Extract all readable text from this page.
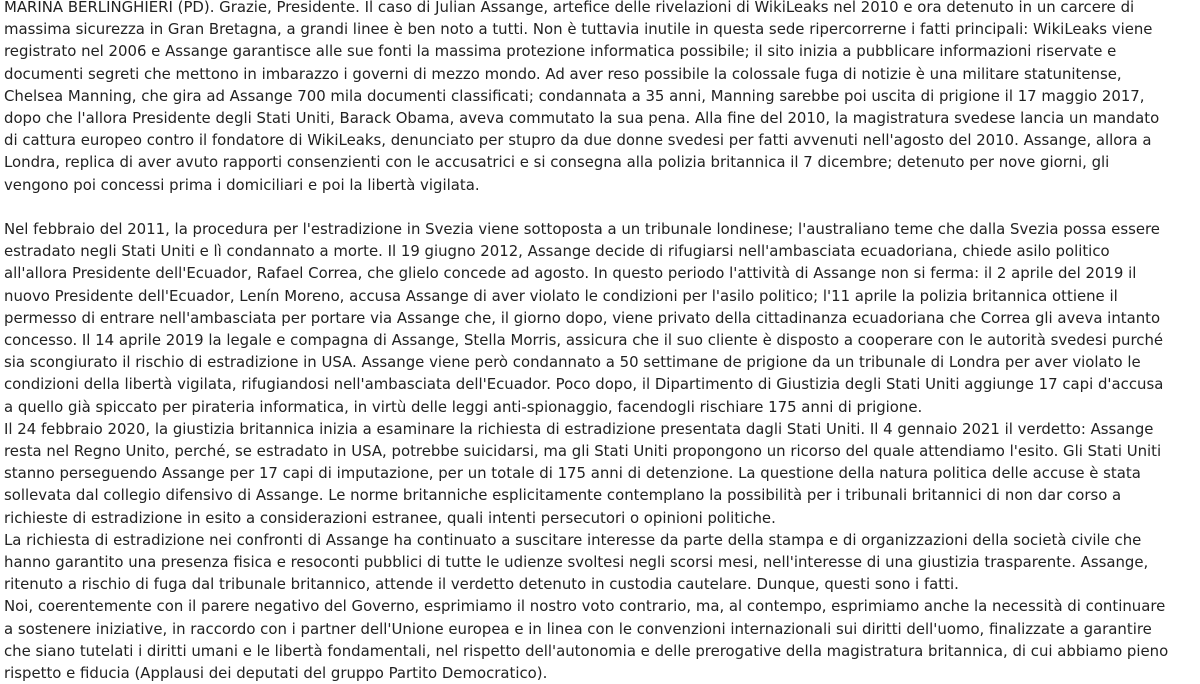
MARINA BERLINGHIERI (PD). Grazie, Presidente. Il caso di Julian Assange, artefice delle rivelazioni di WikiLeaks nel 2010 e ora detenuto in un carcere di massima sicurezza in Gran Bretagna, a grandi linee è ben noto a tutti. Non è tuttavia inutile in questa sede ripercorrerne i fatti principali: WikiLeaks viene registrato nel 2006 e Assange garantisce alle sue fonti la massima protezione informatica possibile; il sito inizia a pubblicare informazioni riservate e documenti segreti che mettono in imbarazzo i governi di mezzo mondo. Ad aver reso possibile la colossale fuga di notizie è una militare statunitense, Chelsea Manning, che gira ad Assange 700 mila documenti classificati; condannata a 35 anni, Manning sarebbe poi uscita di prigione il 17 maggio 2017, dopo che l'allora Presidente degli Stati Uniti, Barack Obama, aveva commutato la sua pena. Alla fine del 2010, la magistratura svedese lancia un mandato di cattura europeo contro il fondatore di WikiLeaks, denunciato per stupro da due donne svedesi per fatti avvenuti nell'agosto del 2010. Assange, allora a Londra, replica di aver avuto rapporti consenzienti con le accusatrici e si consegna alla polizia britannica il 7 dicembre; detenuto per nove giorni, gli vengono poi concessi prima i domiciliari e poi la libertà vigilata.

Nel febbraio del 2011, la procedura per l'estradizione in Svezia viene sottoposta a un tribunale londinese; l'australiano teme che dalla Svezia possa essere estradato negli Stati Uniti e lì condannato a morte. Il 19 giugno 2012, Assange decide di rifugiarsi nell'ambasciata ecuadoriana, chiede asilo politico all'allora Presidente dell'Ecuador, Rafael Correa, che glielo concede ad agosto. In questo periodo l'attività di Assange non si ferma: il 2 aprile del 2019 il nuovo Presidente dell'Ecuador, Lenín Moreno, accusa Assange di aver violato le condizioni per l'asilo politico; l'11 aprile la polizia britannica ottiene il permesso di entrare nell'ambasciata per portare via Assange che, il giorno dopo, viene privato della cittadinanza ecuadoriana che Correa gli aveva intanto concesso. Il 14 aprile 2019 la legale e compagna di Assange, Stella Morris, assicura che il suo cliente è disposto a cooperare con le autorità svedesi purché sia scongiurato il rischio di estradizione in USA. Assange viene però condannato a 50 settimane de prigione da un tribunale di Londra per aver violato le condizioni della libertà vigilata, rifugiandosi nell'ambasciata dell'Ecuador. Poco dopo, il Dipartimento di Giustizia degli Stati Uniti aggiunge 17 capi d'accusa a quello già spiccato per pirateria informatica, in virtù delle leggi anti-spionaggio, facendogli rischiare 175 anni di prigione.

Il 24 febbraio 2020, la giustizia britannica inizia a esaminare la richiesta di estradizione presentata dagli Stati Uniti. Il 4 gennaio 2021 il verdetto: Assange resta nel Regno Unito, perché, se estradato in USA, potrebbe suicidarsi, ma gli Stati Uniti propongono un ricorso del quale attendiamo l'esito. Gli Stati Uniti stanno perseguendo Assange per 17 capi di imputazione, per un totale di 175 anni di detenzione. La questione della natura politica delle accuse è stata sollevata dal collegio difensivo di Assange. Le norme britanniche esplicitamente contemplano la possibilità per i tribunali britannici di non dar corso a richieste di estradizione in esito a considerazioni estranee, quali intenti persecutori o opinioni politiche.

La richiesta di estradizione nei confronti di Assange ha continuato a suscitare interesse da parte della stampa e di organizzazioni della società civile che hanno garantito una presenza fisica e resoconti pubblici di tutte le udienze svoltesi negli scorsi mesi, nell'interesse di una giustizia trasparente. Assange, ritenuto a rischio di fuga dal tribunale britannico, attende il verdetto detenuto in custodia cautelare. Dunque, questi sono i fatti.

Noi, coerentemente con il parere negativo del Governo, esprimiamo il nostro voto contrario, ma, al contempo, esprimiamo anche la necessità di continuare a sostenere iniziative, in raccordo con i partner dell'Unione europea e in linea con le convenzioni internazionali sui diritti dell'uomo, finalizzate a garantire che siano tutelati i diritti umani e le libertà fondamentali, nel rispetto dell'autonomia e delle prerogative della magistratura britannica, di cui abbiamo pieno rispetto e fiducia (Applausi dei deputati del gruppo Partito Democratico).
